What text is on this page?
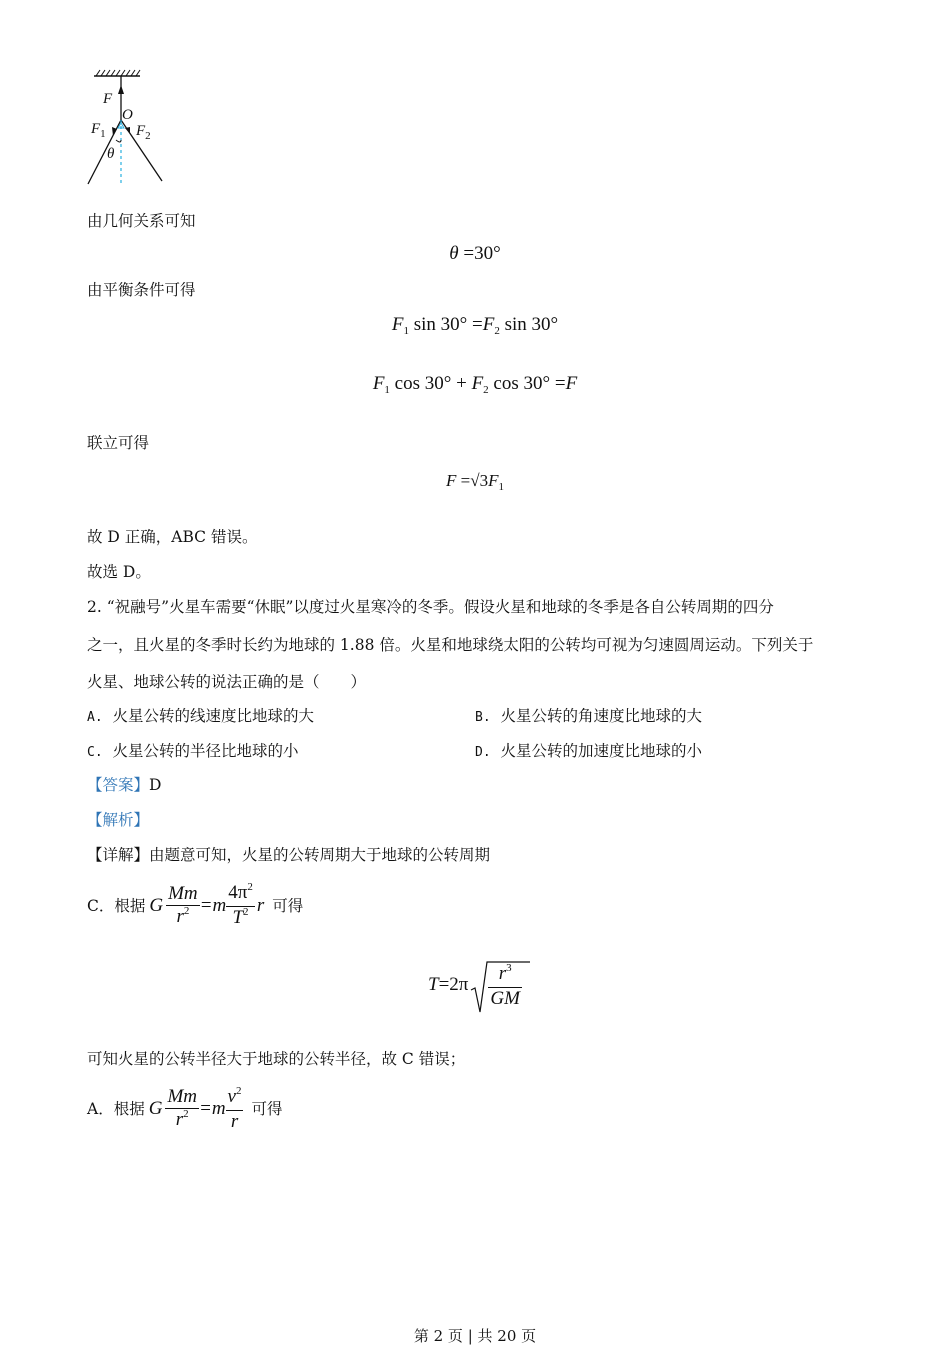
F
O
$F_1$ $F_2$
θ
由几何关系可知
θ =30°
由平衡条件可得
$F_1$ $\sin 30^\circ =F_2$ sin 30°
$F_1$ $\cos 30^\circ + F_2$ cos 30° =F
联立可得
$F =√3F_1$
故 D 正确，ABC 错误。
故选 D。
2. “祝融号”火星车需要“休眠”以度过火星寒冷的冬季。假设火星和地球的冬季是各自公转周期的四分
之一，且火星的冬季时长约为地球的 1.88 倍。火星和地球绕太阳的公转均可视为匀速圆周运动。下列关于
火星、地球公转的说法正确的是（　　）
A. 火星公转的线速度比地球的大	B. 火星公转的角速度比地球的大
C. 火星公转的半径比地球的小	D. 火星公转的加速度比地球的小
【答案】D
【解析】
【详解】由题意可知，火星的公转周期大于地球的公转周期
C．根据 G $\frac{Mm}{r^2} =m \frac{4\pi^2}{T^2}$ r 可得
$T =2\pi \frac{r^3}{GM}$
可知火星的公转半径大于地球的公转半径，故 C 错误；
A．根据 G $\frac{Mm}{r^2} =m \frac{v^2}{r}$ 可得
第 2 页 | 共 20 页
